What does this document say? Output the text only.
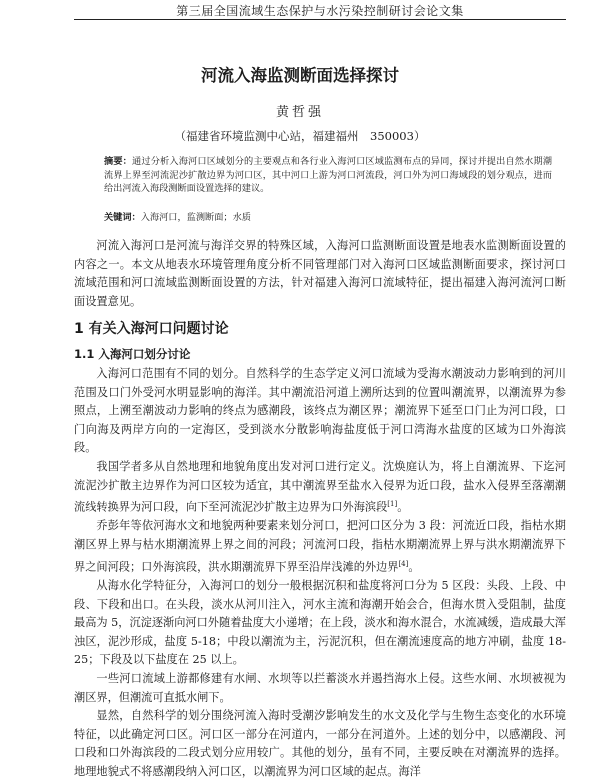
第三届全国流域生态保护与水污染控制研讨会论文集
河流入海监测断面选择探讨
黄哲强
（福建省环境监测中心站，福建福州　350003）
摘要：通过分析入海河口区域划分的主要观点和各行业入海河口区域监测布点的异同，探讨并提出自然水期潮流界上界至河流泥沙扩散边界为河口区，其中河口上游为河口河流段，河口外为河口海域段的划分观点，进而给出河流入海段测断面设置选择的建议。
关键词：入海河口，监测断面；水质

河流入海河口是河流与海洋交界的特殊区域，入海河口监测断面设置是地表水监测断面设置的内容之一。本文从地表水环境管理角度分析不同管理部门对入海河口区域监测断面要求，探讨河口流域范围和河口流域监测断面设置的方法，针对福建入海河口流域特征，提出福建入海河流河口断面设置意见。

1 有关入海河口问题讨论
1.1 入海河口划分讨论

入海河口范围有不同的划分。自然科学的生态学定义河口流域为受海水潮波动力影响到的河川范围及口门外受河水明显影响的海洋。其中潮流沿河道上溯所达到的位置叫潮流界，以潮流界为参照点，上溯至潮波动力影响的终点为感潮段，该终点为潮区界；潮流界下延至口门止为河口段，口门向海及两岸方向的一定海区，受到淡水分散影响海盐度低于河口湾海水盐度的区域为口外海滨段。

我国学者多从自然地理和地貌角度出发对河口进行定义。沈焕庭认为，将上自潮流界、下迄河流泥沙扩散主边界作为河口区较为适宜，其中潮流界至盐水入侵界为近口段，盐水入侵界至落潮潮流线转换界为河口段，向下至河流泥沙扩散主边界为口外海滨段[1]。

乔彭年等依河海水文和地貌两种要素来划分河口，把河口区分为 3 段：河流近口段，指枯水期潮区界上界与枯水期潮流界上界之间的河段；河流河口段，指枯水期潮流界上界与洪水期潮流界下界之间河段；口外海滨段，洪水期潮流界下界至沿岸浅滩的外边界[4]。

从海水化学特征分，入海河口的划分一般根据沉积和盐度将河口分为 5 区段：头段、上段、中段、下段和出口。在头段，淡水从河川注入，河水主流和海潮开始会合，但海水贯入受阻制，盐度最高为 5，沉淀逐渐向河口外随着盐度大小递增；在上段，淡水和海水混合，水流减缓，造成最大浑浊区，泥沙形成，盐度 5-18；中段以潮流为主，污泥沉积，但在潮流速度高的地方冲刷，盐度 18-25；下段及以下盐度在 25 以上。

一些河口流域上游都修建有水闸、水坝等以拦蓄淡水并遏挡海水上侵。这些水闸、水坝被视为潮区界，但潮流可直抵水闸下。

显然，自然科学的划分围绕河流入海时受潮汐影响发生的水文及化学与生物生态变化的水环境特征，以此确定河口区。河口区一部分在河道内，一部分在河道外。上述的划分中，以感潮段、河口段和口外海滨段的二段式划分应用较广。其他的划分，虽有不同，主要反映在对潮流界的选择。地理地貌式不将感潮段纳入河口区，以潮流界为河口区域的起点。海洋
